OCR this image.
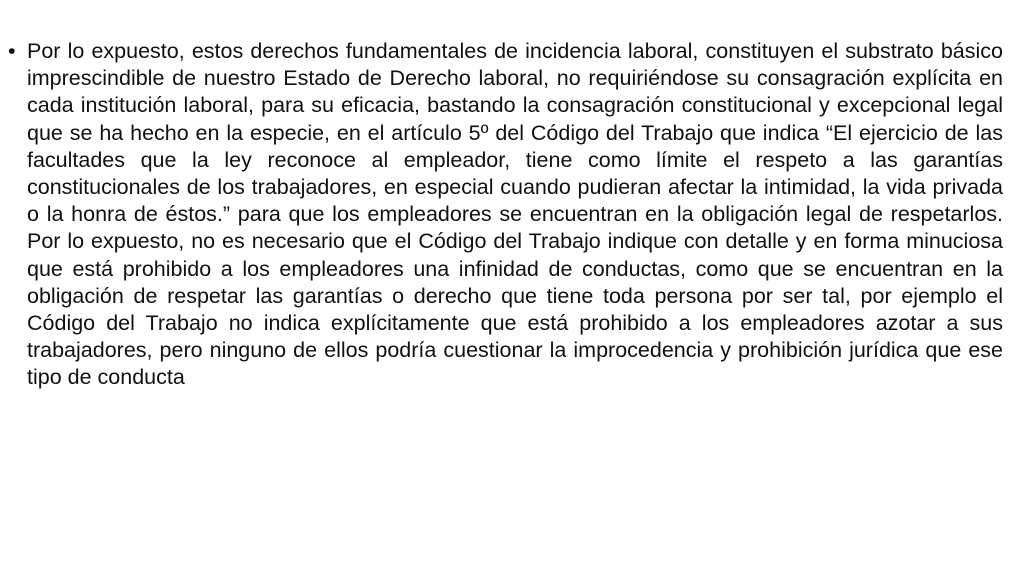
• Por lo expuesto, estos derechos fundamentales de incidencia laboral, constituyen el substrato básico imprescindible de nuestro Estado de Derecho laboral, no requiriéndose su consagración explícita en cada institución laboral, para su eficacia, bastando la consagración constitucional y excepcional legal que se ha hecho en la especie, en el artículo 5º del Código del Trabajo que indica “El ejercicio de las facultades que la ley reconoce al empleador, tiene como límite el respeto a las garantías constitucionales de los trabajadores, en especial cuando pudieran afectar la intimidad, la vida privada o la honra de éstos.” para que los empleadores se encuentran en la obligación legal de respetarlos. Por lo expuesto, no es necesario que el Código del Trabajo indique con detalle y en forma minuciosa que está prohibido a los empleadores una infinidad de conductas, como que se encuentran en la obligación de respetar las garantías o derecho que tiene toda persona por ser tal, por ejemplo el Código del Trabajo no indica explícitamente que está prohibido a los empleadores azotar a sus trabajadores, pero ninguno de ellos podría cuestionar la improcedencia y prohibición jurídica que ese tipo de conducta
